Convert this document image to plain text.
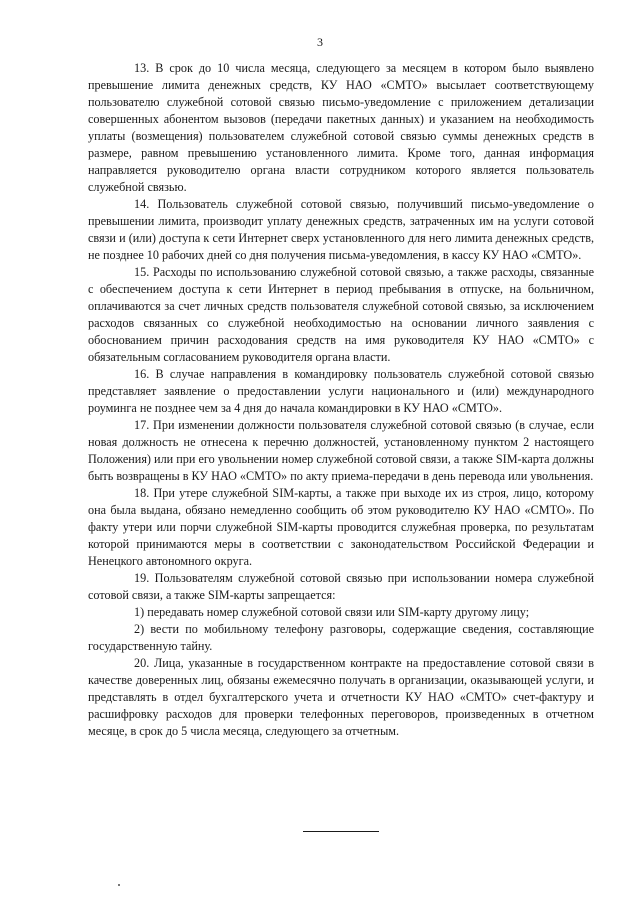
3

13. В срок до 10 числа месяца, следующего за месяцем в котором было выявлено превышение лимита денежных средств, КУ НАО «СМТО» высылает соответствующему пользователю служебной сотовой связью письмо-уведомление с приложением детализации совершенных абонентом вызовов (передачи пакетных данных) и указанием на необходимость уплаты (возмещения) пользователем служебной сотовой связью суммы денежных средств в размере, равном превышению установленного лимита. Кроме того, данная информация направляется руководителю органа власти сотрудником которого является пользователь служебной связью.

14. Пользователь служебной сотовой связью, получивший письмо-уведомление о превышении лимита, производит уплату денежных средств, затраченных им на услуги сотовой связи и (или) доступа к сети Интернет сверх установленного для него лимита денежных средств, не позднее 10 рабочих дней со дня получения письма-уведомления, в кассу КУ НАО «СМТО».

15. Расходы по использованию служебной сотовой связью, а также расходы, связанные с обеспечением доступа к сети Интернет в период пребывания в отпуске, на больничном, оплачиваются за счет личных средств пользователя служебной сотовой связью, за исключением расходов связанных со служебной необходимостью на основании личного заявления с обоснованием причин расходования средств на имя руководителя КУ НАО «СМТО» с обязательным согласованием руководителя органа власти.

16. В случае направления в командировку пользователь служебной сотовой связью представляет заявление о предоставлении услуги национального и (или) международного роуминга не позднее чем за 4 дня до начала командировки в КУ НАО «СМТО».

17. При изменении должности пользователя служебной сотовой связью (в случае, если новая должность не отнесена к перечню должностей, установленному пунктом 2 настоящего Положения) или при его увольнении номер служебной сотовой связи, а также SIM-карта должны быть возвращены в КУ НАО «СМТО» по акту приема-передачи в день перевода или увольнения.

18. При утере служебной SIM-карты, а также при выходе их из строя, лицо, которому она была выдана, обязано немедленно сообщить об этом руководителю КУ НАО «СМТО». По факту утери или порчи служебной SIM-карты проводится служебная проверка, по результатам которой принимаются меры в соответствии с законодательством Российской Федерации и Ненецкого автономного округа.

19. Пользователям служебной сотовой связью при использовании номера служебной сотовой связи, а также SIM-карты запрещается:

1) передавать номер служебной сотовой связи или SIM-карту другому лицу;

2) вести по мобильному телефону разговоры, содержащие сведения, составляющие государственную тайну.

20. Лица, указанные в государственном контракте на предоставление сотовой связи в качестве доверенных лиц, обязаны ежемесячно получать в организации, оказывающей услуги, и представлять в отдел бухгалтерского учета и отчетности КУ НАО «СМТО» счет-фактуру и расшифровку расходов для проверки телефонных переговоров, произведенных в отчетном месяце, в срок до 5 числа месяца, следующего за отчетным.
